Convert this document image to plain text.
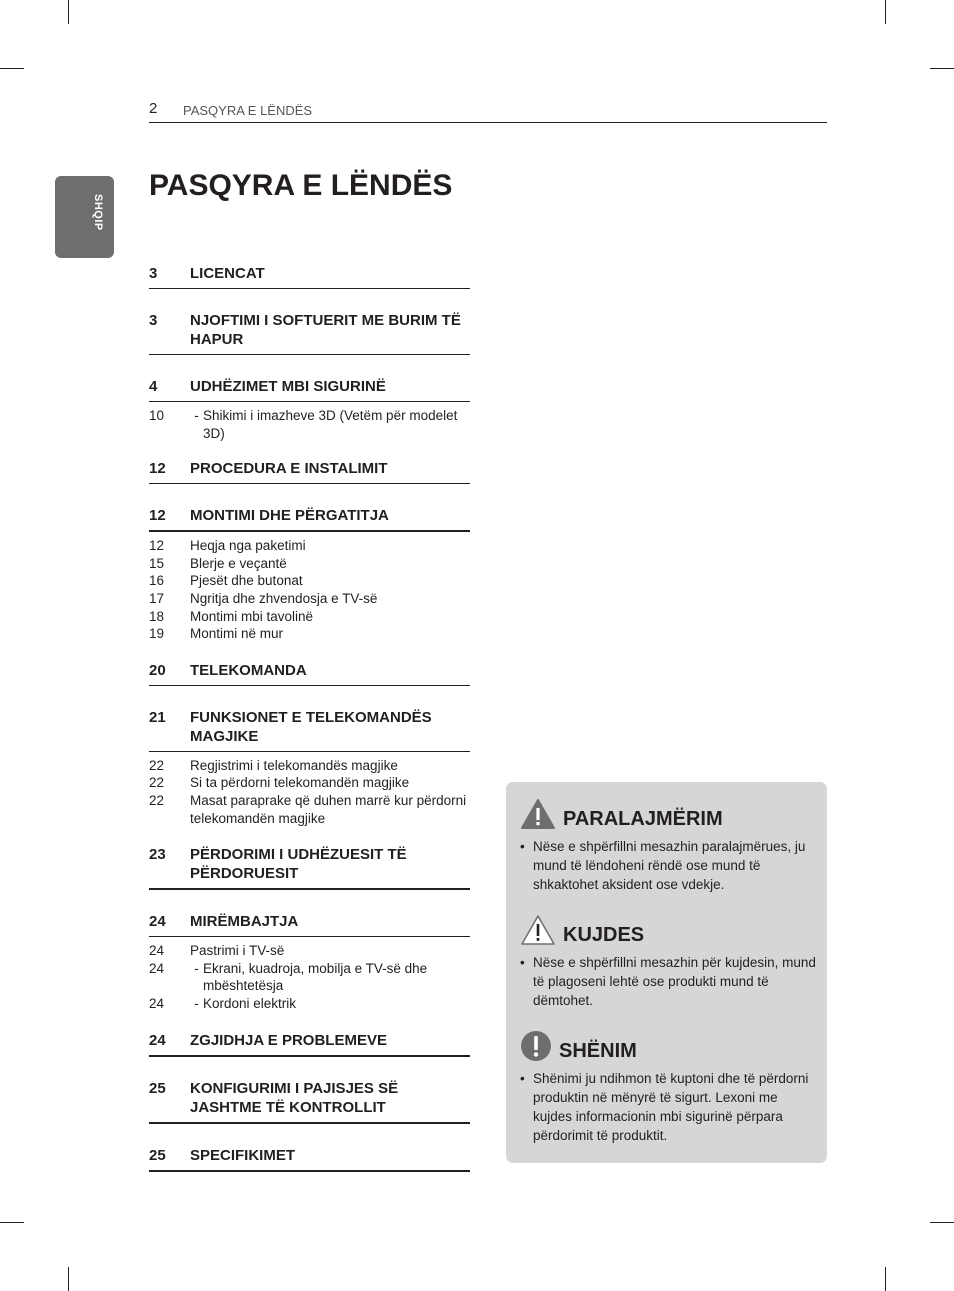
2 PASQYRA E LËNDËS
SHQIP
PASQYRA E LËNDËS
3	LICENCAT
3	NJOFTIMI I SOFTUERIT ME BURIM TË HAPUR
4	UDHËZIMET MBI SIGURINË
10	- Shikimi i imazheve 3D (Vetëm për modelet 3D)
12	PROCEDURA E INSTALIMIT
12	MONTIMI DHE PËRGATITJA
12	Heqja nga paketimi
15	Blerje e veçantë
16	Pjesët dhe butonat
17	Ngritja dhe zhvendosja e TV-së
18	Montimi mbi tavolinë
19	Montimi në mur
20	TELEKOMANDA
21	FUNKSIONET E TELEKOMANDËS MAGJIKE
22	Regjistrimi i telekomandës magjike
22	Si ta përdorni telekomandën magjike
22	Masat paraprake që duhen marrë kur përdorni telekomandën magjike
23	PËRDORIMI I UDHËZUESIT TË PËRDORUESIT
24	MIRËMBAJTJA
24	Pastrimi i TV-së
24	- Ekrani, kuadroja, mobilja e TV-së dhe mbështetësja
24	- Kordoni elektrik
24	ZGJIDHJA E PROBLEMEVE
25	KONFIGURIMI I PAJISJES SË JASHTME TË KONTROLLIT
25	SPECIFIKIMET
PARALAJMËRIM
• Nëse e shpërfillni mesazhin paralajmërues, ju mund të lëndoheni rëndë ose mund të shkaktohet aksident ose vdekje.
KUJDES
• Nëse e shpërfillni mesazhin për kujdesin, mund të plagoseni lehtë ose produkti mund të dëmtohet.
SHËNIM
• Shënimi ju ndihmon të kuptoni dhe të përdorni produktin në mënyrë të sigurt. Lexoni me kujdes informacionin mbi sigurinë përpara përdorimit të produktit.
